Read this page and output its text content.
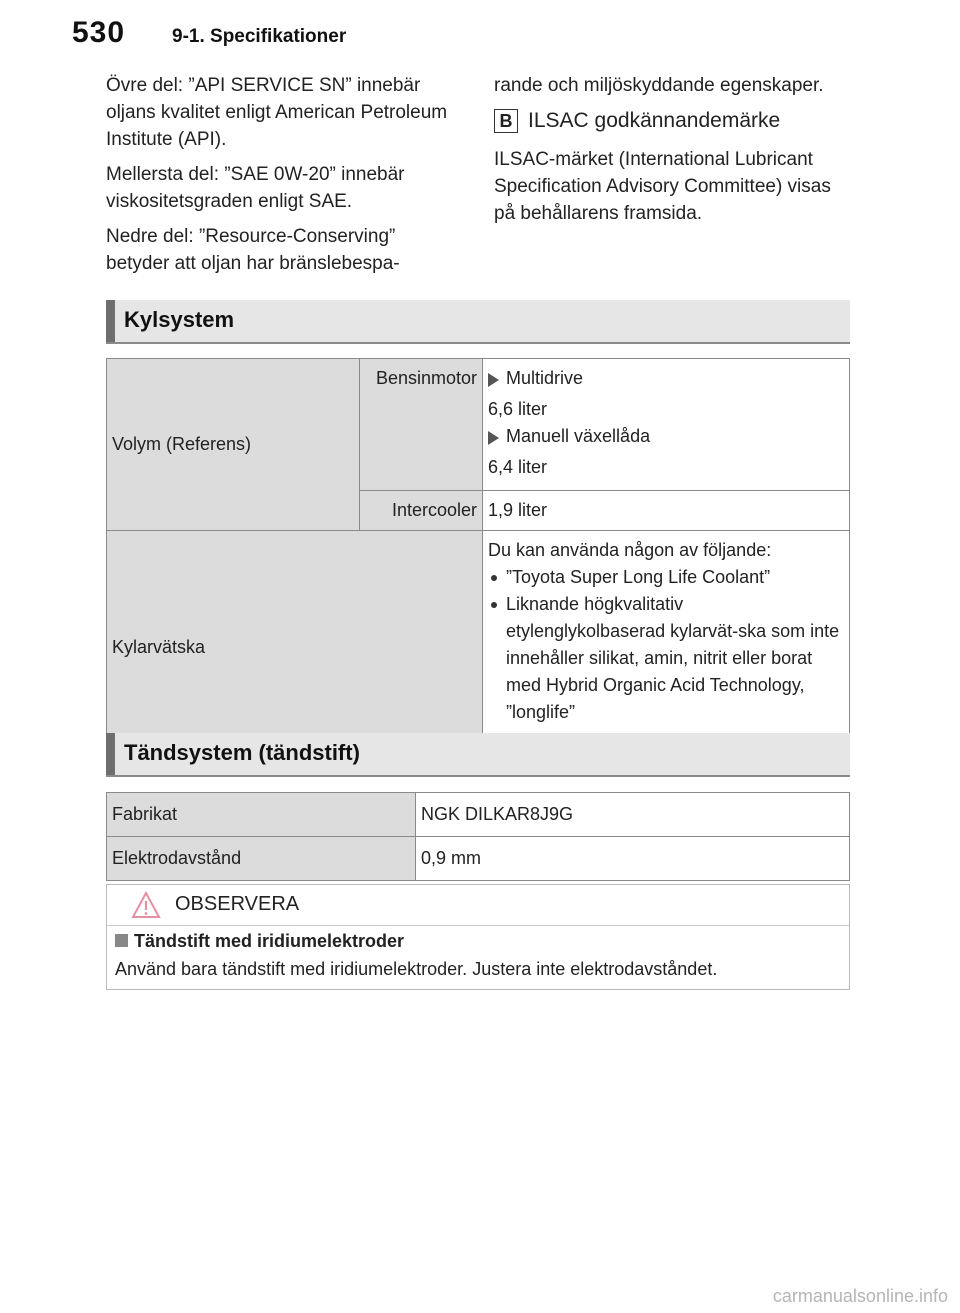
530 9-1. Specifikationer

Övre del: ”API SERVICE SN” innebär oljans kvalitet enligt American Petroleum Institute (API).

Mellersta del: ”SAE 0W-20” innebär viskositetsgraden enligt SAE.

Nedre del: ”Resource-Conserving” betyder att oljan har bränslebespa-

rande och miljöskyddande egenskaper.

B ILSAC godkännandemärke

ILSAC-märket (International Lubricant Specification Advisory Committee) visas på behållarens framsida.

Kylsystem
Volym (Referens)	Bensinmotor	Multidrive
6,6 liter
Manuell växellåda
6,4 liter

	Intercooler	1,9 liter
Kylarvätska		Du kan använda någon av följande:
”Toyota Super Long Life Coolant”
Liknande högkvalitativ etylenglykolbaserad kylarvät-ska som inte innehåller silikat, amin, nitrit eller borat med Hybrid Organic Acid Technology, ”longlife”
Tändsystem (tändstift)
Fabrikat	NGK DILKAR8J9G
Elektrodavstånd	0,9 mm
OBSERVERA
Tändstift med iridiumelektroder
Använd bara tändstift med iridiumelektroder. Justera inte elektrodavståndet.
carmanualsonline.info
